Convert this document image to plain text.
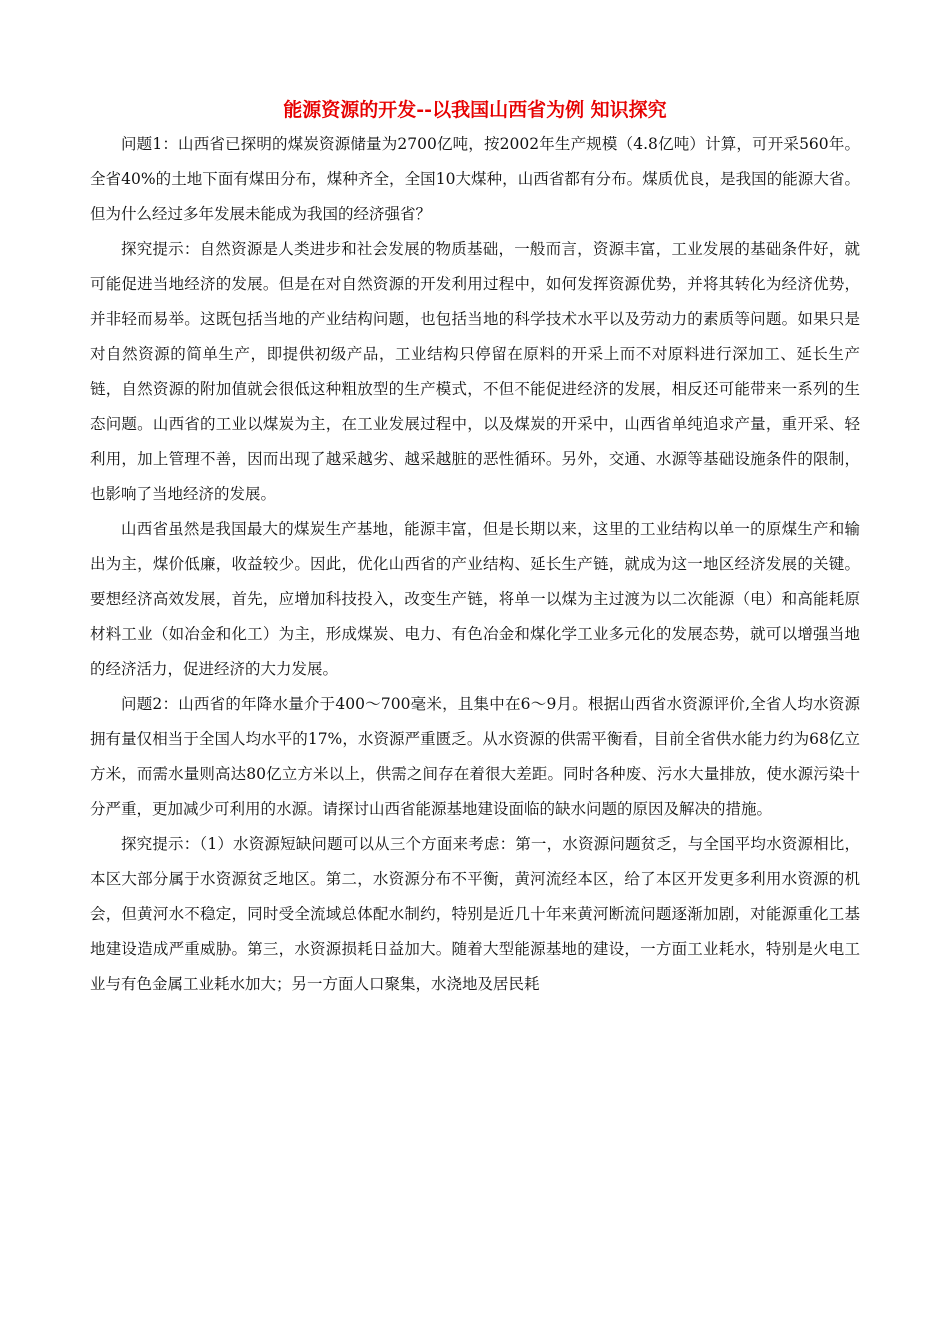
能源资源的开发--以我国山西省为例 知识探究

问题1：山西省已探明的煤炭资源储量为2700亿吨，按2002年生产规模（4.8亿吨）计算，可开采560年。全省40%的土地下面有煤田分布，煤种齐全，全国10大煤种，山西省都有分布。煤质优良，是我国的能源大省。但为什么经过多年发展未能成为我国的经济强省？

探究提示：自然资源是人类进步和社会发展的物质基础，一般而言，资源丰富，工业发展的基础条件好，就可能促进当地经济的发展。但是在对自然资源的开发利用过程中，如何发挥资源优势，并将其转化为经济优势，并非轻而易举。这既包括当地的产业结构问题，也包括当地的科学技术水平以及劳动力的素质等问题。如果只是对自然资源的简单生产，即提供初级产品，工业结构只停留在原料的开采上而不对原料进行深加工、延长生产链，自然资源的附加值就会很低这种粗放型的生产模式，不但不能促进经济的发展，相反还可能带来一系列的生态问题。山西省的工业以煤炭为主，在工业发展过程中，以及煤炭的开采中，山西省单纯追求产量，重开采、轻利用，加上管理不善，因而出现了越采越劣、越采越脏的恶性循环。另外，交通、水源等基础设施条件的限制，也影响了当地经济的发展。

山西省虽然是我国最大的煤炭生产基地，能源丰富，但是长期以来，这里的工业结构以单一的原煤生产和输出为主，煤价低廉，收益较少。因此，优化山西省的产业结构、延长生产链，就成为这一地区经济发展的关键。要想经济高效发展，首先，应增加科技投入，改变生产链，将单一以煤为主过渡为以二次能源（电）和高能耗原材料工业（如冶金和化工）为主，形成煤炭、电力、有色冶金和煤化学工业多元化的发展态势，就可以增强当地的经济活力，促进经济的大力发展。

问题2：山西省的年降水量介于400～700毫米，且集中在6～9月。根据山西省水资源评价,全省人均水资源拥有量仅相当于全国人均水平的17%，水资源严重匮乏。从水资源的供需平衡看，目前全省供水能力约为68亿立方米，而需水量则高达80亿立方米以上，供需之间存在着很大差距。同时各种废、污水大量排放，使水源污染十分严重，更加减少可利用的水源。请探讨山西省能源基地建设面临的缺水问题的原因及解决的措施。

探究提示：（1）水资源短缺问题可以从三个方面来考虑：第一，水资源问题贫乏，与全国平均水资源相比，本区大部分属于水资源贫乏地区。第二，水资源分布不平衡，黄河流经本区，给了本区开发更多利用水资源的机会，但黄河水不稳定，同时受全流域总体配水制约，特别是近几十年来黄河断流问题逐渐加剧，对能源重化工基地建设造成严重威胁。第三，水资源损耗日益加大。随着大型能源基地的建设，一方面工业耗水，特别是火电工业与有色金属工业耗水加大；另一方面人口聚集，水浇地及居民耗
